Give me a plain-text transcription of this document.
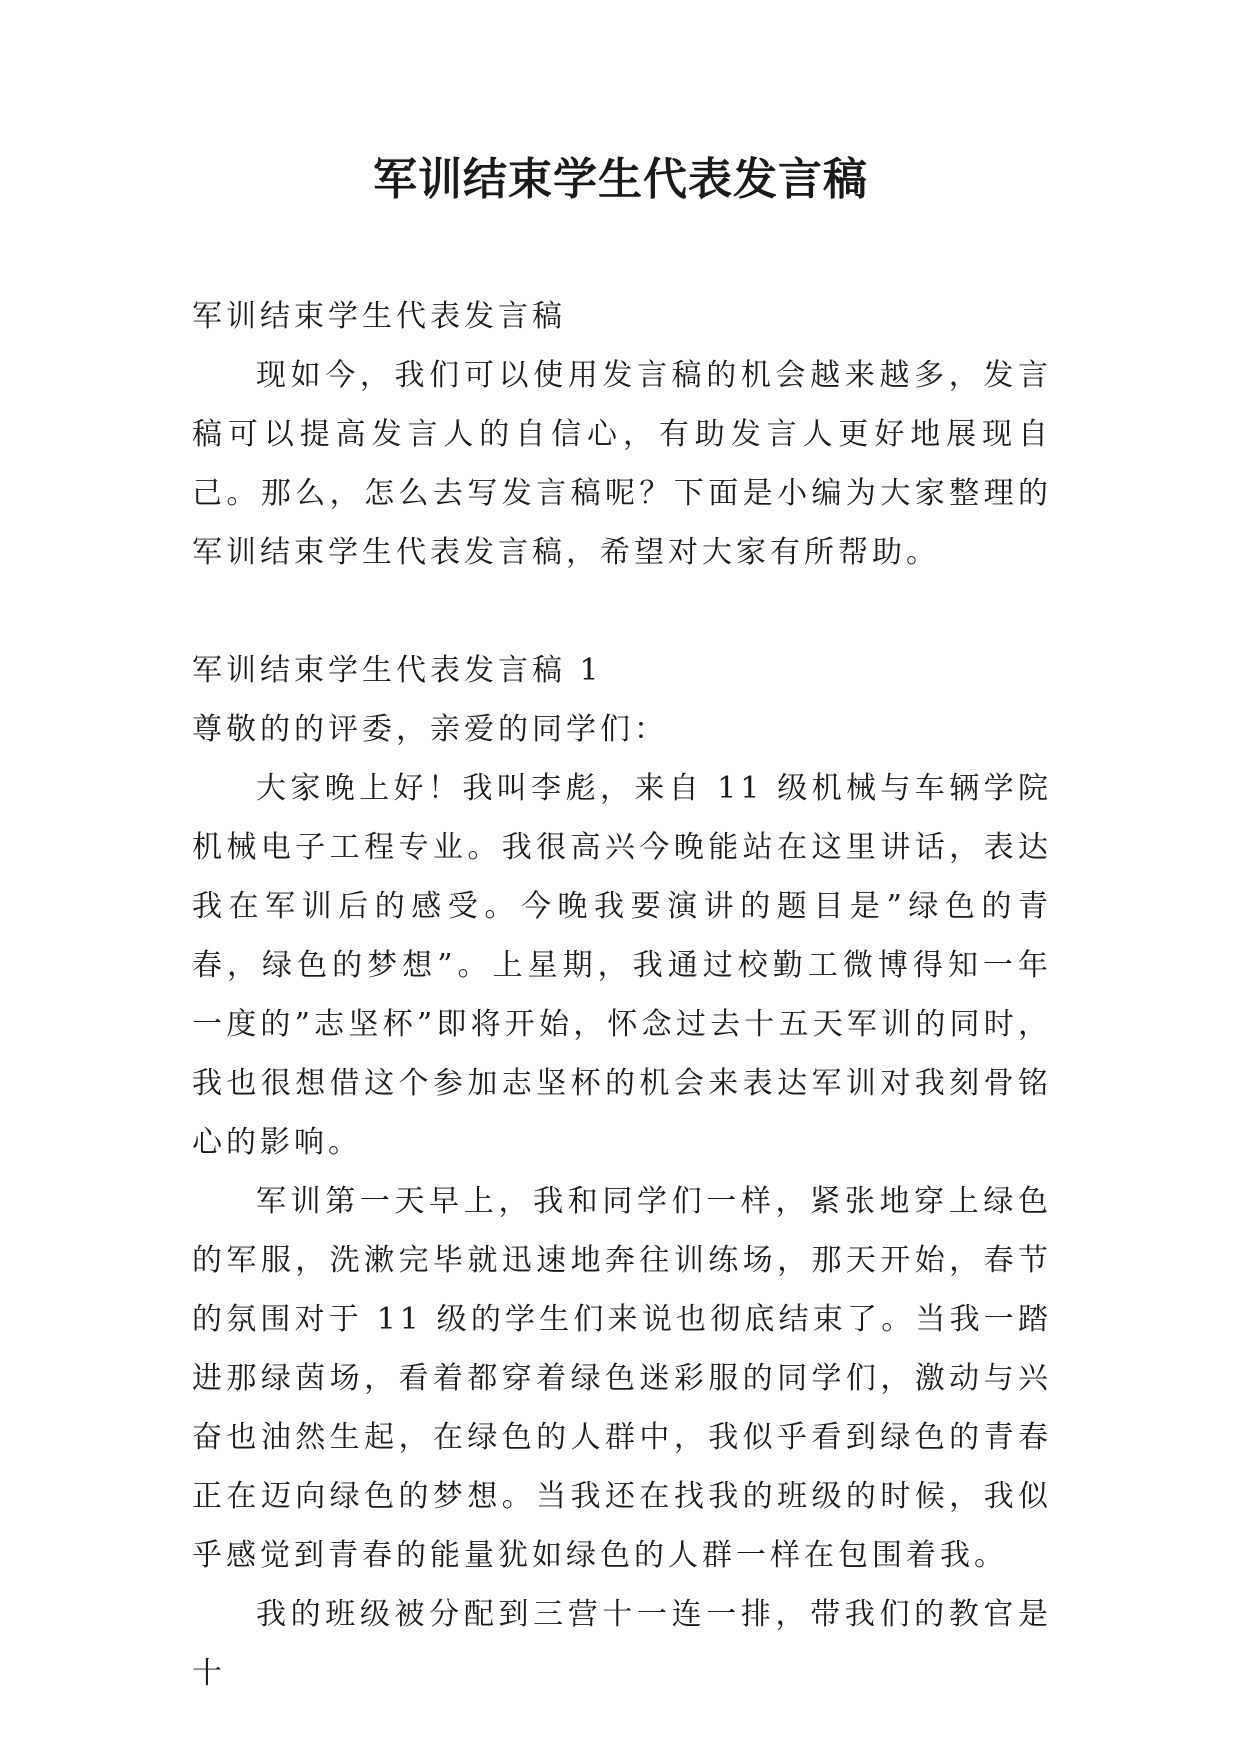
军训结束学生代表发言稿

军训结束学生代表发言稿

现如今，我们可以使用发言稿的机会越来越多，发言稿可以提高发言人的自信心，有助发言人更好地展现自己。那么，怎么去写发言稿呢？下面是小编为大家整理的军训结束学生代表发言稿，希望对大家有所帮助。

军训结束学生代表发言稿 1

尊敬的的评委，亲爱的同学们：

大家晚上好！我叫李彪，来自 11 级机械与车辆学院机械电子工程专业。我很高兴今晚能站在这里讲话，表达我在军训后的感受。今晚我要演讲的题目是”绿色的青春，绿色的梦想”。上星期，我通过校勤工微博得知一年一度的”志坚杯”即将开始，怀念过去十五天军训的同时，我也很想借这个参加志坚杯的机会来表达军训对我刻骨铭心的影响。

军训第一天早上，我和同学们一样，紧张地穿上绿色的军服，洗漱完毕就迅速地奔往训练场，那天开始，春节的氛围对于 11 级的学生们来说也彻底结束了。当我一踏进那绿茵场，看着都穿着绿色迷彩服的同学们，激动与兴奋也油然生起，在绿色的人群中，我似乎看到绿色的青春正在迈向绿色的梦想。当我还在找我的班级的时候，我似乎感觉到青春的能量犹如绿色的人群一样在包围着我。

我的班级被分配到三营十一连一排，带我们的教官是十
